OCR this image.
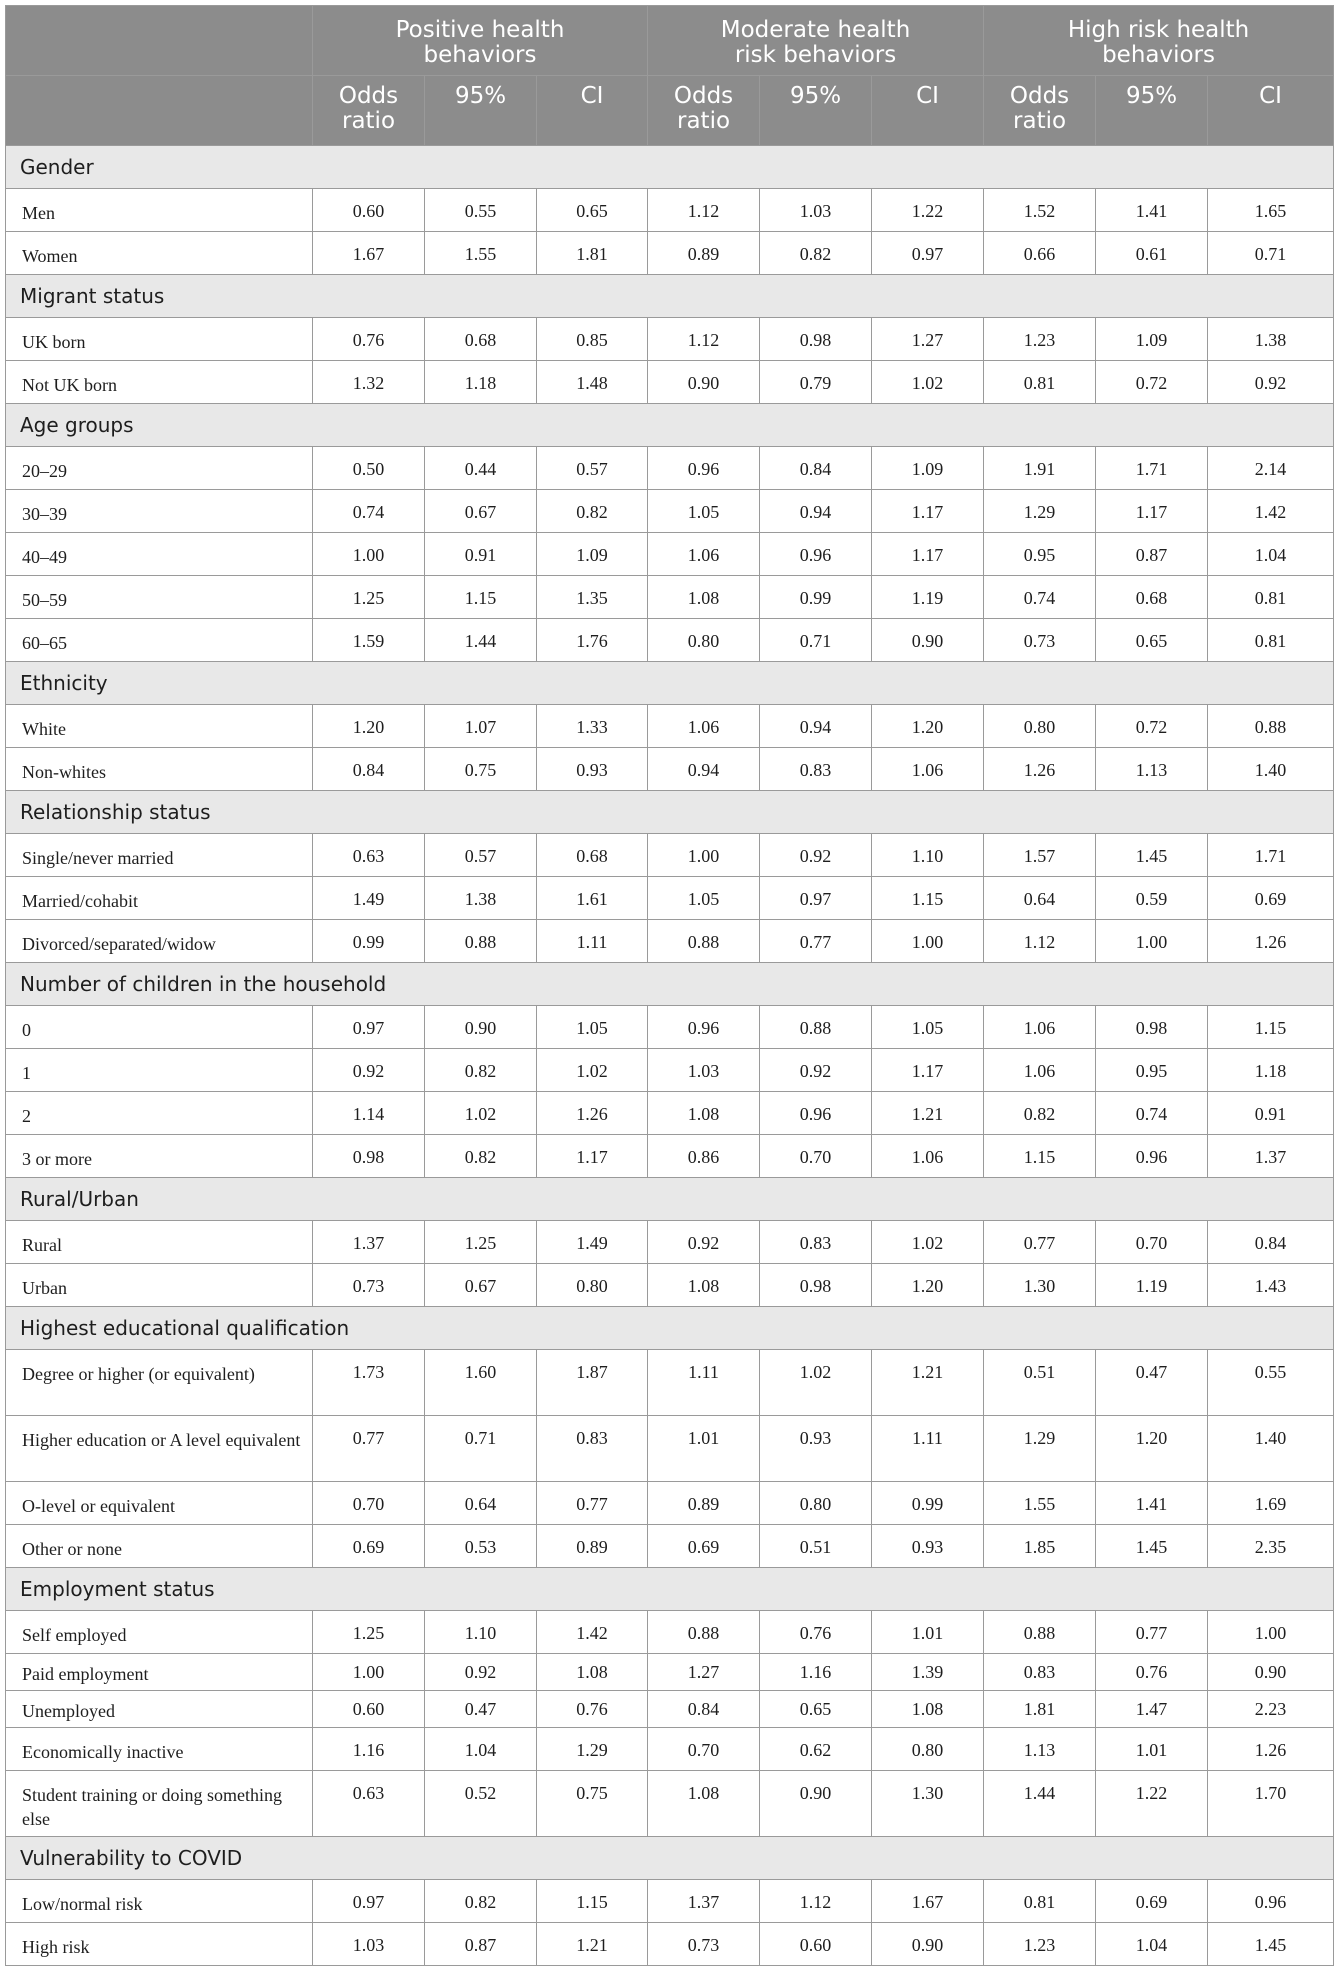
	Positive health behaviors			Moderate health risk behaviors			High risk health behaviors		
	Odds ratio	95%	CI	Odds ratio	95%	CI	Odds ratio	95%	CI
Gender									
Men	0.60	0.55	0.65	1.12	1.03	1.22	1.52	1.41	1.65
Women	1.67	1.55	1.81	0.89	0.82	0.97	0.66	0.61	0.71
Migrant status									
UK born	0.76	0.68	0.85	1.12	0.98	1.27	1.23	1.09	1.38
Not UK born	1.32	1.18	1.48	0.90	0.79	1.02	0.81	0.72	0.92
Age groups									
20–29	0.50	0.44	0.57	0.96	0.84	1.09	1.91	1.71	2.14
30–39	0.74	0.67	0.82	1.05	0.94	1.17	1.29	1.17	1.42
40–49	1.00	0.91	1.09	1.06	0.96	1.17	0.95	0.87	1.04
50–59	1.25	1.15	1.35	1.08	0.99	1.19	0.74	0.68	0.81
60–65	1.59	1.44	1.76	0.80	0.71	0.90	0.73	0.65	0.81
Ethnicity									
White	1.20	1.07	1.33	1.06	0.94	1.20	0.80	0.72	0.88
Non-whites	0.84	0.75	0.93	0.94	0.83	1.06	1.26	1.13	1.40
Relationship status									
Single/never married	0.63	0.57	0.68	1.00	0.92	1.10	1.57	1.45	1.71
Married/cohabit	1.49	1.38	1.61	1.05	0.97	1.15	0.64	0.59	0.69
Divorced/separated/widow	0.99	0.88	1.11	0.88	0.77	1.00	1.12	1.00	1.26
Number of children in the household									
0	0.97	0.90	1.05	0.96	0.88	1.05	1.06	0.98	1.15
1	0.92	0.82	1.02	1.03	0.92	1.17	1.06	0.95	1.18
2	1.14	1.02	1.26	1.08	0.96	1.21	0.82	0.74	0.91
3 or more	0.98	0.82	1.17	0.86	0.70	1.06	1.15	0.96	1.37
Rural/Urban									
Rural	1.37	1.25	1.49	0.92	0.83	1.02	0.77	0.70	0.84
Urban	0.73	0.67	0.80	1.08	0.98	1.20	1.30	1.19	1.43
Highest educational qualification									
Degree or higher (or equivalent)	1.73	1.60	1.87	1.11	1.02	1.21	0.51	0.47	0.55
Higher education or A level equivalent	0.77	0.71	0.83	1.01	0.93	1.11	1.29	1.20	1.40
O-level or equivalent	0.70	0.64	0.77	0.89	0.80	0.99	1.55	1.41	1.69
Other or none	0.69	0.53	0.89	0.69	0.51	0.93	1.85	1.45	2.35
Employment status									
Self employed	1.25	1.10	1.42	0.88	0.76	1.01	0.88	0.77	1.00
Paid employment	1.00	0.92	1.08	1.27	1.16	1.39	0.83	0.76	0.90
Unemployed	0.60	0.47	0.76	0.84	0.65	1.08	1.81	1.47	2.23
Economically inactive	1.16	1.04	1.29	0.70	0.62	0.80	1.13	1.01	1.26
Student training or doing something else	0.63	0.52	0.75	1.08	0.90	1.30	1.44	1.22	1.70
Vulnerability to COVID									
Low/normal risk	0.97	0.82	1.15	1.37	1.12	1.67	0.81	0.69	0.96
High risk	1.03	0.87	1.21	0.73	0.60	0.90	1.23	1.04	1.45
